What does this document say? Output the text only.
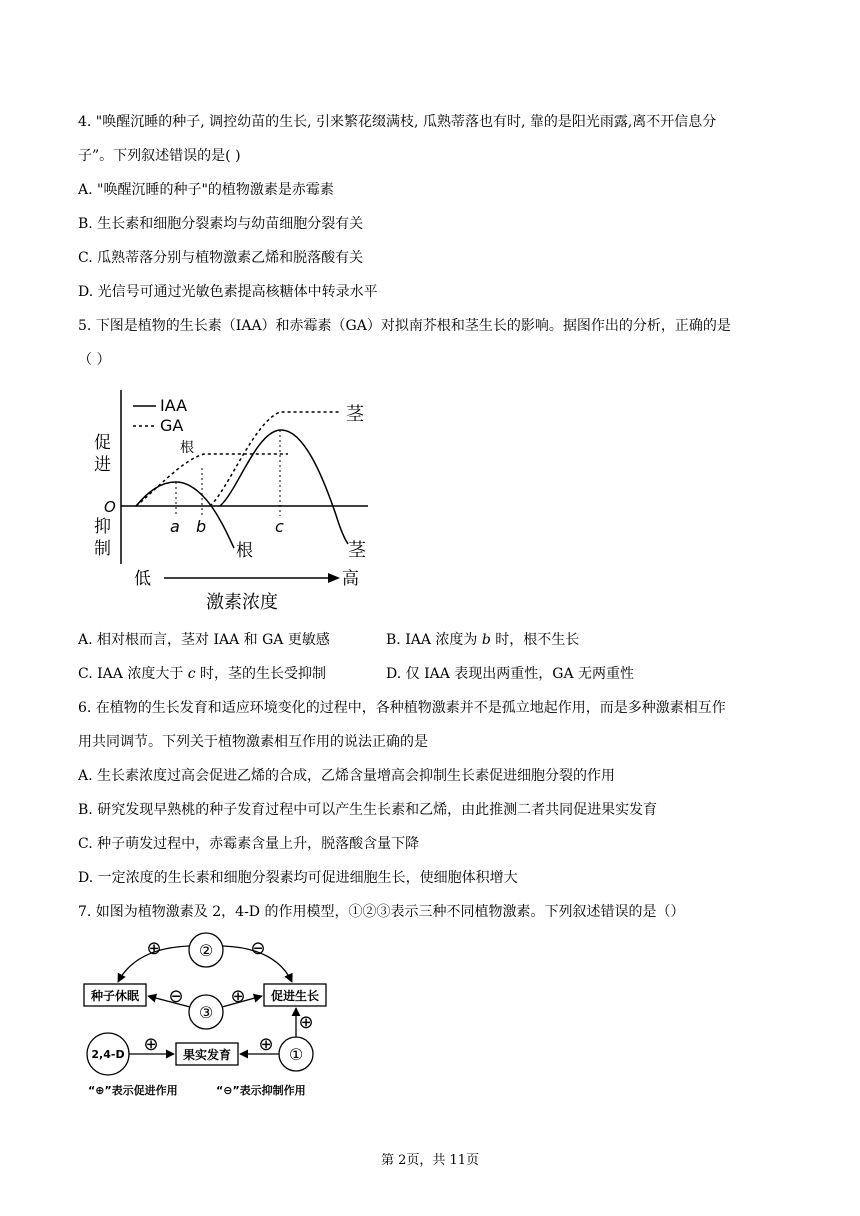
4. "唤醒沉睡的种子, 调控幼苗的生长, 引来繁花缀满枝, 瓜熟蒂落也有时, 靠的是阳光雨露,离不开信息分
子”。下列叙述错误的是( )
A. "唤醒沉睡的种子"的植物激素是赤霉素
B. 生长素和细胞分裂素均与幼苗细胞分裂有关
C. 瓜熟蒂落分别与植物激素乙烯和脱落酸有关
D. 光信号可通过光敏色素提高核糖体中转录水平
5. 下图是植物的生长素（IAA）和赤霉素（GA）对拟南芥根和茎生长的影响。据图作出的分析，正确的是
（ ）
IAA
GA
促
进
抑
制
O
根
根
茎
茎
a b	c
低	高
激素浓度
A. 相对根而言，茎对 IAA 和 GA 更敏感	B. IAA 浓度为 b 时，根不生长
C. IAA 浓度大于 c 时，茎的生长受抑制	D. 仅 IAA 表现出两重性，GA 无两重性
6. 在植物的生长发育和适应环境变化的过程中，各种植物激素并不是孤立地起作用，而是多种激素相互作
用共同调节。下列关于植物激素相互作用的说法正确的是
A. 生长素浓度过高会促进乙烯的合成，乙烯含量增高会抑制生长素促进细胞分裂的作用
B. 研究发现早熟桃的种子发育过程中可以产生生长素和乙烯，由此推测二者共同促进果实发育
C. 种子萌发过程中，赤霉素含量上升，脱落酸含量下降
D. 一定浓度的生长素和细胞分裂素均可促进细胞生长，使细胞体积增大
7. 如图为植物激素及 2，4-D 的作用模型，①②③表示三种不同植物激素。下列叙述错误的是（）
②
③
①
2,4-D
种子休眠	促进生长
果实发育
⊕	⊖
⊖	⊕
⊕
⊕
⊕
“⊕”表示促进作用	“⊖”表示抑制作用
第 2页，共 11页
